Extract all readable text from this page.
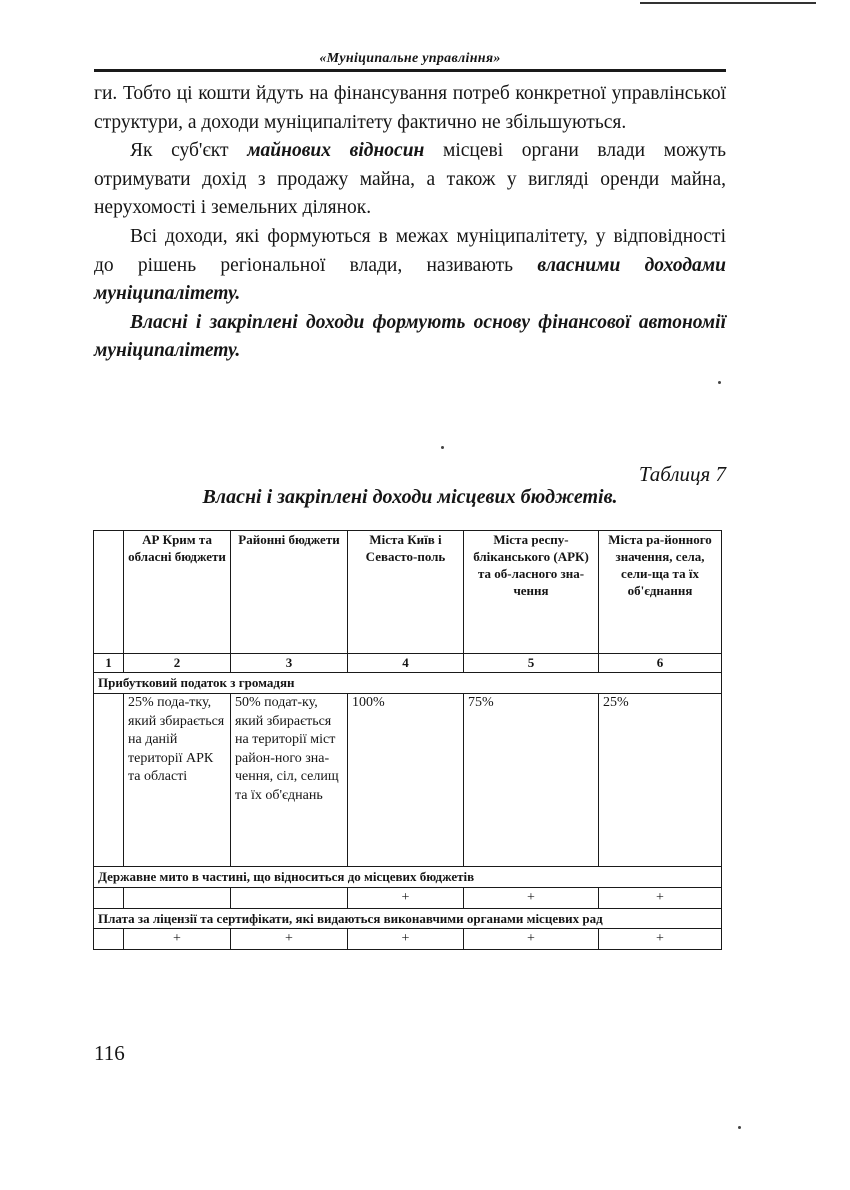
«Муніципальне управління»

ги. Тобто ці кошти йдуть на фінансування потреб конкретної управлінської структури, а доходи муніципалітету фактично не збільшуються.

Як суб'єкт майнових відносин місцеві органи влади можуть отримувати дохід з продажу майна, а також у вигляді оренди майна, нерухомості і земельних ділянок.

Всі доходи, які формуються в межах муніципалітету, у відповідності до рішень регіональної влади, називають власними доходами муніципалітету.

Власні і закріплені доходи формують основу фінансової автономії муніципалітету.

Таблиця 7
Власні і закріплені доходи місцевих бюджетів.
	АР Крим та обласні бюджети	Районні бюджети	Міста Київ і Севасто-поль	Міста респу-бліканського (АРК) та об-ласного зна-чення	Міста ра-йонного значення, села, сели-ща та їх об'єднання
1	2	3	4	5	6
Прибутковий податок з громадян					
	25% пода-тку, який збирається на даній території АРК та області	50% подат-ку, який збирається на території міст район-ного зна-чення, сіл, селищ та їх об'єднань	100%	75%	25%
Державне мито в частині, що відноситься до місцевих бюджетів					
			+	+	+
Плата за ліцензії та сертифікати, які видаються виконавчими органами місцевих рад					
	+	+	+	+	+
116
